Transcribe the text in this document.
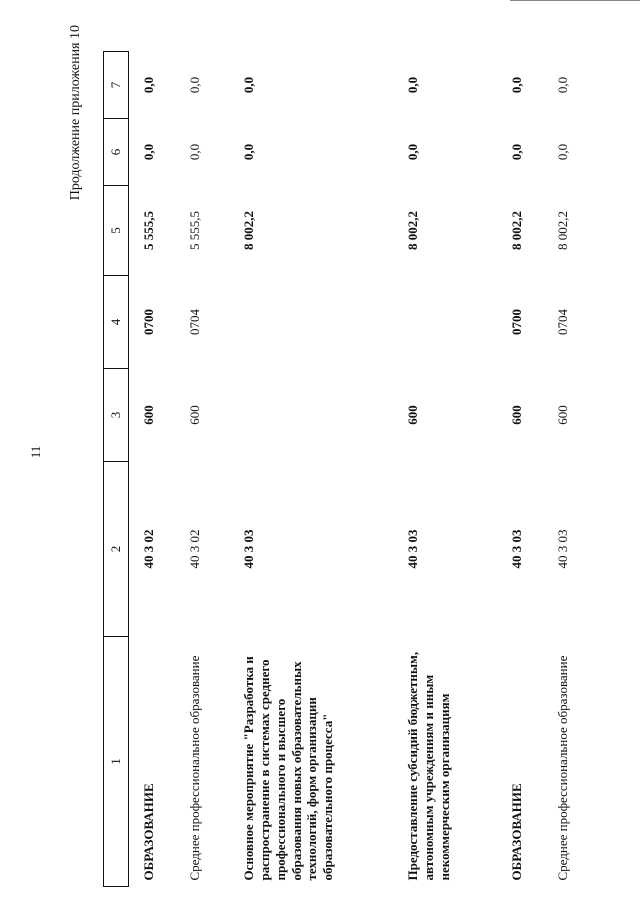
11
Продолжение приложения 10
1	2	3	4	5	6	7
ОБРАЗОВАНИЕ	40 3 02	600	0700	5 555,5	0,0	0,0
Среднее профессиональное образование	40 3 02	600	0704	5 555,5	0,0	0,0
Основное мероприятие "Разработка и распространение в системах среднего профессионального и высшего образования новых образовательных технологий, форм организации образовательного процесса"	40 3 03			8 002,2	0,0	0,0
Предоставление субсидий бюджетным, автономным учреждениям и иным некоммерческим организациям	40 3 03	600		8 002,2	0,0	0,0
ОБРАЗОВАНИЕ	40 3 03	600	0700	8 002,2	0,0	0,0
Среднее профессиональное образование	40 3 03	600	0704	8 002,2	0,0	0,0
